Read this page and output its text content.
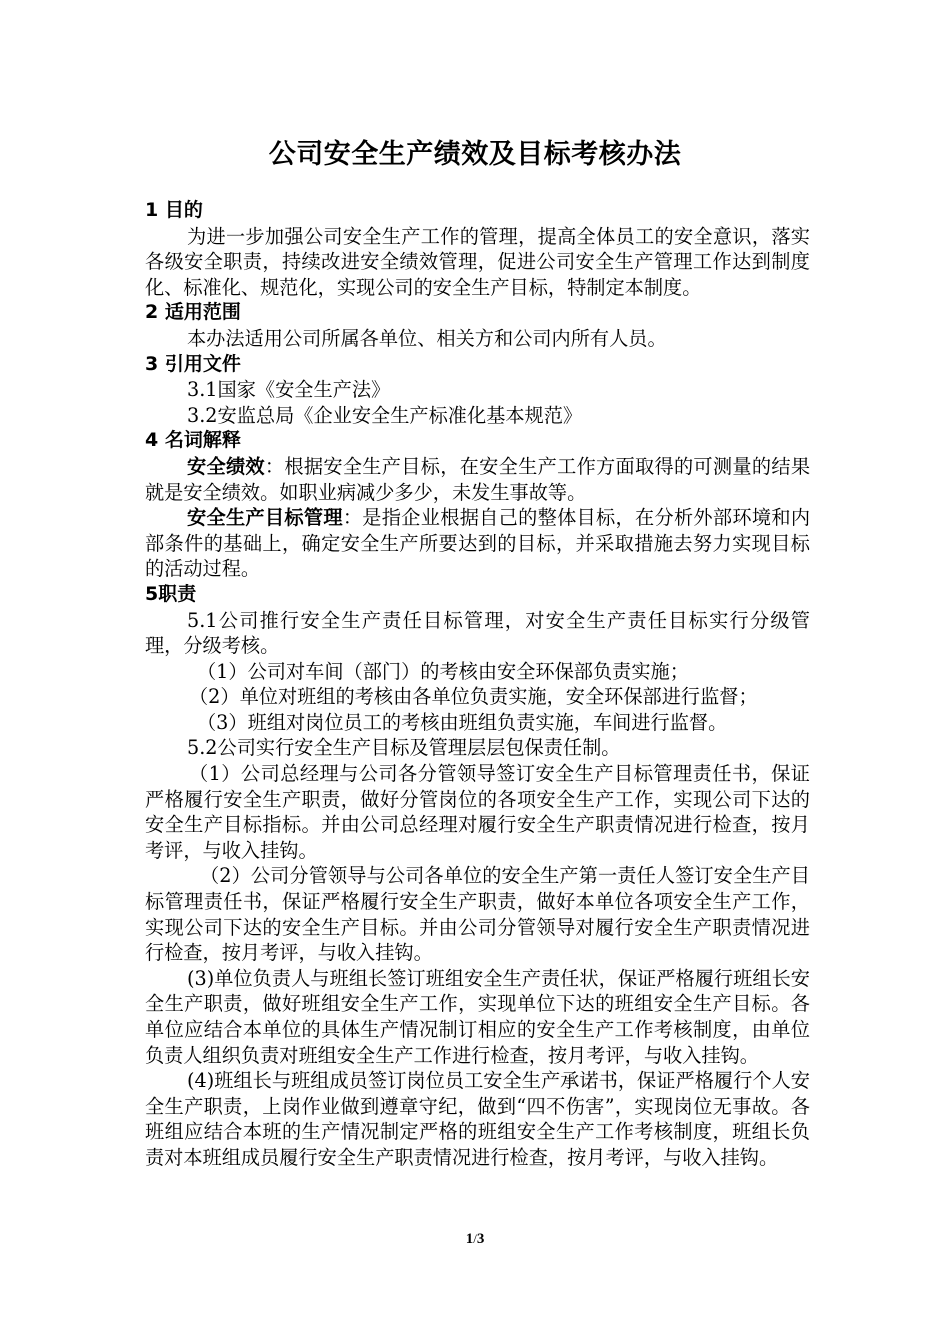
公司安全生产绩效及目标考核办法
1 目的
为进一步加强公司安全生产工作的管理，提高全体员工的安全意识，落实各级安全职责，持续改进安全绩效管理，促进公司安全生产管理工作达到制度化、标准化、规范化，实现公司的安全生产目标，特制定本制度。
2 适用范围
本办法适用公司所属各单位、相关方和公司内所有人员。
3 引用文件
3.1国家《安全生产法》
3.2安监总局《企业安全生产标准化基本规范》
4 名词解释
安全绩效：根据安全生产目标，在安全生产工作方面取得的可测量的结果就是安全绩效。如职业病减少多少，未发生事故等。
安全生产目标管理：是指企业根据自己的整体目标，在分析外部环境和内部条件的基础上，确定安全生产所要达到的目标，并采取措施去努力实现目标的活动过程。
5职责
5.1公司推行安全生产责任目标管理，对安全生产责任目标实行分级管理，分级考核。
（1）公司对车间（部门）的考核由安全环保部负责实施；
（2）单位对班组的考核由各单位负责实施，安全环保部进行监督；
（3）班组对岗位员工的考核由班组负责实施，车间进行监督。
5.2公司实行安全生产目标及管理层层包保责任制。
（1）公司总经理与公司各分管领导签订安全生产目标管理责任书，保证严格履行安全生产职责，做好分管岗位的各项安全生产工作，实现公司下达的安全生产目标指标。并由公司总经理对履行安全生产职责情况进行检查，按月考评，与收入挂钩。
（2）公司分管领导与公司各单位的安全生产第一责任人签订安全生产目标管理责任书，保证严格履行安全生产职责，做好本单位各项安全生产工作，实现公司下达的安全生产目标。并由公司分管领导对履行安全生产职责情况进行检查，按月考评，与收入挂钩。
(3)单位负责人与班组长签订班组安全生产责任状，保证严格履行班组长安全生产职责，做好班组安全生产工作，实现单位下达的班组安全生产目标。各单位应结合本单位的具体生产情况制订相应的安全生产工作考核制度，由单位负责人组织负责对班组安全生产工作进行检查，按月考评，与收入挂钩。
(4)班组长与班组成员签订岗位员工安全生产承诺书，保证严格履行个人安全生产职责，上岗作业做到遵章守纪，做到“四不伤害”，实现岗位无事故。各班组应结合本班的生产情况制定严格的班组安全生产工作考核制度，班组长负责对本班组成员履行安全生产职责情况进行检查，按月考评，与收入挂钩。
1/3
